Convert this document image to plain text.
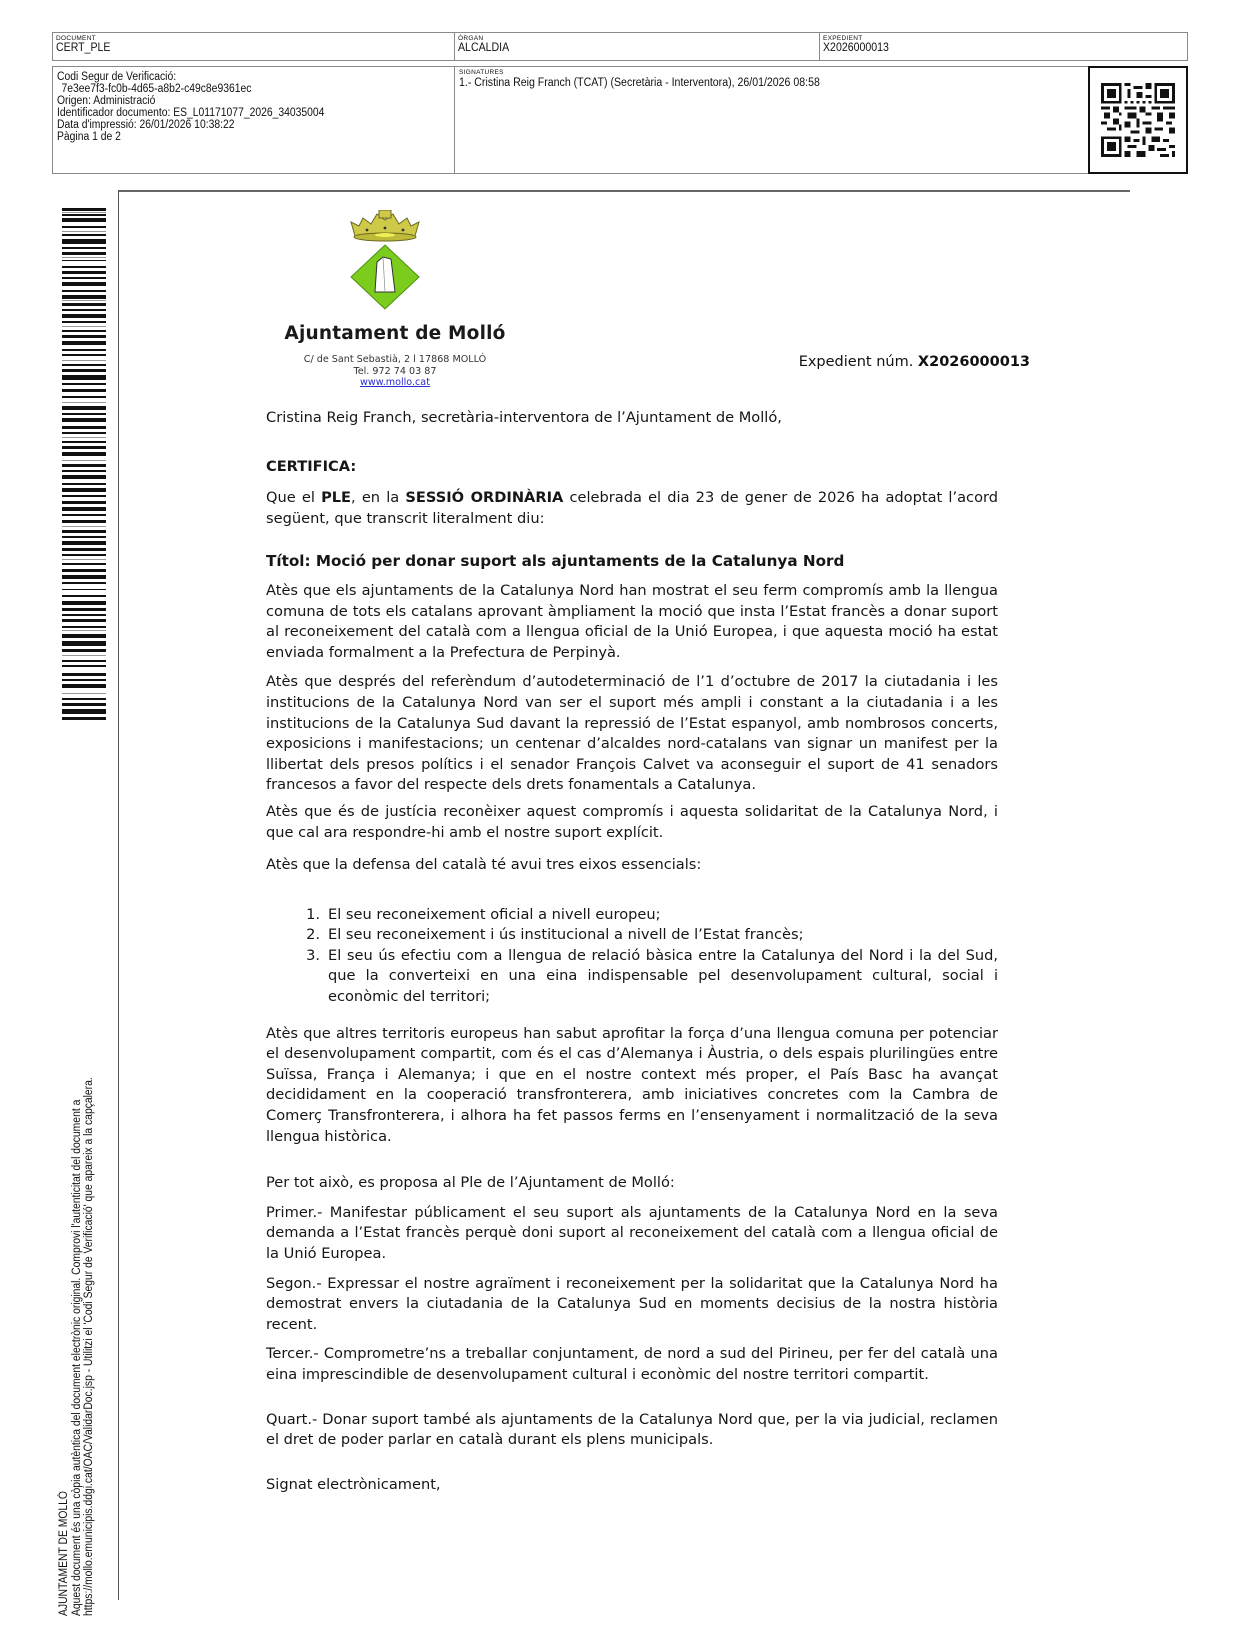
DOCUMENT
CERT_PLE
ÒRGAN
ALCALDIA
EXPEDIENT
X2026000013
Codi Segur de Verificació:
7e3ee7f3-fc0b-4d65-a8b2-c49c8e9361ec
Origen: Administració
Identificador documento: ES_L01171077_2026_34035004
Data d'impressió: 26/01/2026 10:38:22
Pàgina 1 de 2
SIGNATURES
1.- Cristina Reig Franch (TCAT) (Secretària - Interventora), 26/01/2026 08:58
AJUNTAMENT DE MOLLÓ Aquest document és una còpia autèntica del document electrònic original. Comprovi l'autenticitat del document a https://mollo.emunicipis.ddgi.cat/OAC/ValidarDoc.jsp - Utilitzi el 'Codi Segur de Verificació' que apareix a la capçalera.
Ajuntament de Molló
C/ de Sant Sebastià, 2 l 17868 MOLLÓ
Tel. 972 74 03 87
www.mollo.cat
Expedient núm. X2026000013

Cristina Reig Franch, secretària-interventora de l’Ajuntament de Molló,

CERTIFICA:

Que el PLE, en la SESSIÓ ORDINÀRIA celebrada el dia 23 de gener de 2026 ha adoptat l’acord següent, que transcrit literalment diu:

Títol: Moció per donar suport als ajuntaments de la Catalunya Nord

Atès que els ajuntaments de la Catalunya Nord han mostrat el seu ferm compromís amb la llengua comuna de tots els catalans aprovant àmpliament la moció que insta l’Estat francès a donar suport al reconeixement del català com a llengua oficial de la Unió Europea, i que aquesta moció ha estat enviada formalment a la Prefectura de Perpinyà.

Atès que després del referèndum d’autodeterminació de l’1 d’octubre de 2017 la ciutadania i les institucions de la Catalunya Nord van ser el suport més ampli i constant a la ciutadania i a les institucions de la Catalunya Sud davant la repressió de l’Estat espanyol, amb nombrosos concerts, exposicions i manifestacions; un centenar d’alcaldes nord-catalans van signar un manifest per la llibertat dels presos polítics i el senador François Calvet va aconseguir el suport de 41 senadors francesos a favor del respecte dels drets fonamentals a Catalunya.

Atès que és de justícia reconèixer aquest compromís i aquesta solidaritat de la Catalunya Nord, i que cal ara respondre-hi amb el nostre suport explícit.

Atès que la defensa del català té avui tres eixos essencials:

1. El seu reconeixement oficial a nivell europeu;
2. El seu reconeixement i ús institucional a nivell de l’Estat francès;
3. El seu ús efectiu com a llengua de relació bàsica entre la Catalunya del Nord i la del Sud, que la converteixi en una eina indispensable pel desenvolupament cultural, social i econòmic del territori;

Atès que altres territoris europeus han sabut aprofitar la força d’una llengua comuna per potenciar el desenvolupament compartit, com és el cas d’Alemanya i Àustria, o dels espais plurilingües entre Suïssa, França i Alemanya; i que en el nostre context més proper, el País Basc ha avançat decididament en la cooperació transfronterera, amb iniciatives concretes com la Cambra de Comerç Transfronterera, i alhora ha fet passos ferms en l’ensenyament i normalització de la seva llengua històrica.

Per tot això, es proposa al Ple de l’Ajuntament de Molló:

Primer.- Manifestar públicament el seu suport als ajuntaments de la Catalunya Nord en la seva demanda a l’Estat francès perquè doni suport al reconeixement del català com a llengua oficial de la Unió Europea.

Segon.- Expressar el nostre agraïment i reconeixement per la solidaritat que la Catalunya Nord ha demostrat envers la ciutadania de la Catalunya Sud en moments decisius de la nostra història recent.

Tercer.- Comprometre’ns a treballar conjuntament, de nord a sud del Pirineu, per fer del català una eina imprescindible de desenvolupament cultural i econòmic del nostre territori compartit.

Quart.- Donar suport també als ajuntaments de la Catalunya Nord que, per la via judicial, reclamen el dret de poder parlar en català durant els plens municipals.

Signat electrònicament,
